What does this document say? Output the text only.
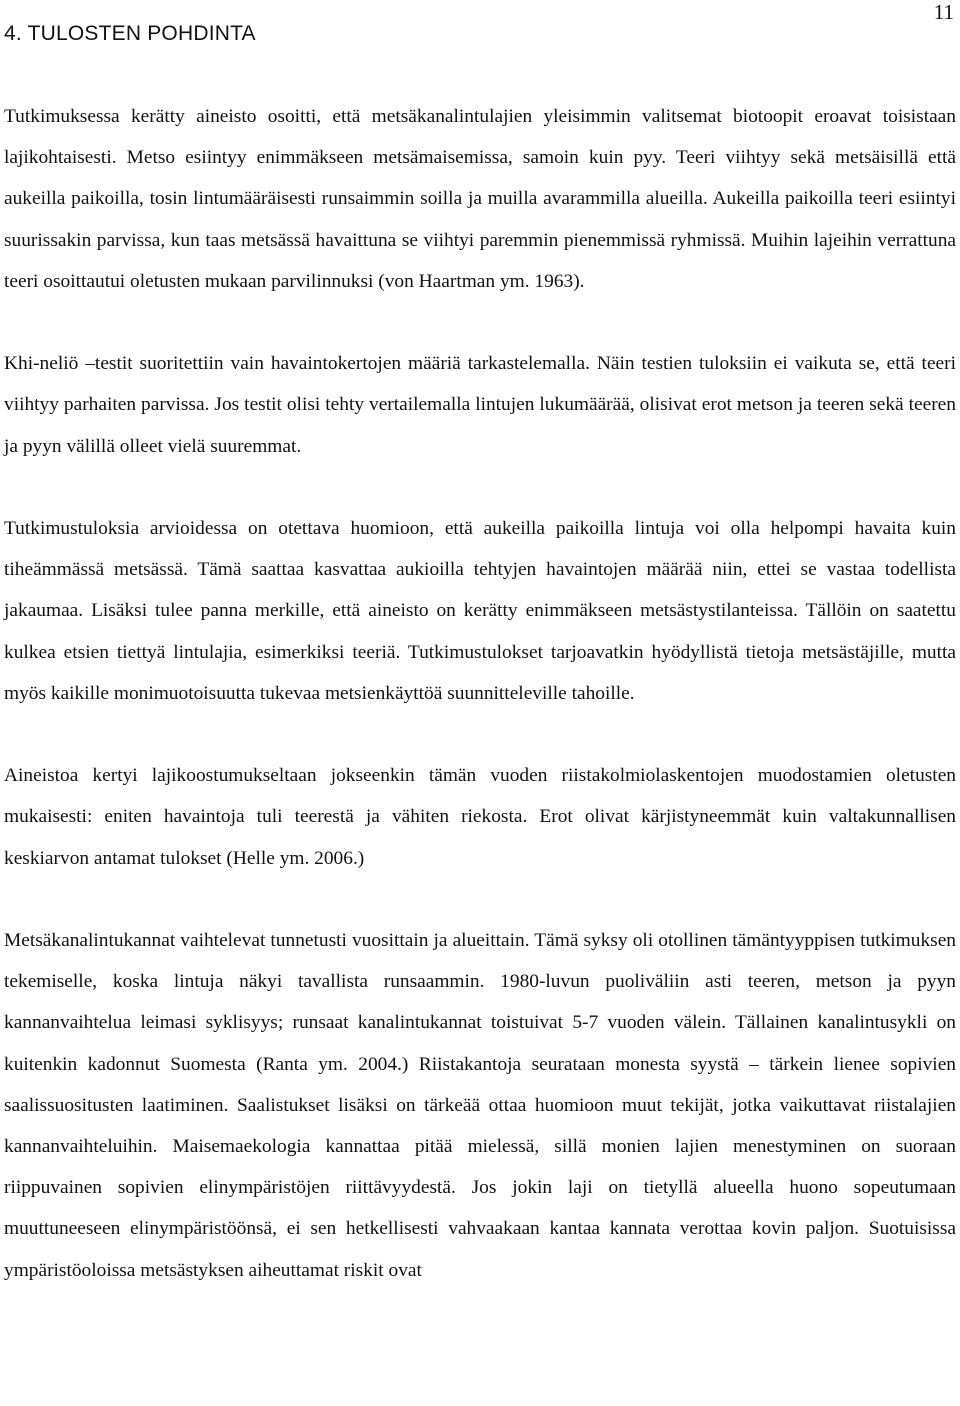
11
4. TULOSTEN POHDINTA

Tutkimuksessa kerätty aineisto osoitti, että metsäkanalintulajien yleisimmin valitsemat biotoopit eroavat toisistaan lajikohtaisesti. Metso esiintyy enimmäkseen metsämaisemissa, samoin kuin pyy. Teeri viihtyy sekä metsäisillä että aukeilla paikoilla, tosin lintumääräisesti runsaimmin soilla ja muilla avarammilla alueilla. Aukeilla paikoilla teeri esiintyi suurissakin parvissa, kun taas metsässä havaittuna se viihtyi paremmin pienemmissä ryhmissä. Muihin lajeihin verrattuna teeri osoittautui oletusten mukaan parvilinnuksi (von Haartman ym. 1963).

Khi-neliö –testit suoritettiin vain havaintokertojen määriä tarkastelemalla. Näin testien tuloksiin ei vaikuta se, että teeri viihtyy parhaiten parvissa. Jos testit olisi tehty vertailemalla lintujen lukumäärää, olisivat erot metson ja teeren sekä teeren ja pyyn välillä olleet vielä suuremmat.

Tutkimustuloksia arvioidessa on otettava huomioon, että aukeilla paikoilla lintuja voi olla helpompi havaita kuin tiheämmässä metsässä. Tämä saattaa kasvattaa aukioilla tehtyjen havaintojen määrää niin, ettei se vastaa todellista jakaumaa. Lisäksi tulee panna merkille, että aineisto on kerätty enimmäkseen metsästystilanteissa. Tällöin on saatettu kulkea etsien tiettyä lintulajia, esimerkiksi teeriä. Tutkimustulokset tarjoavatkin hyödyllistä tietoja metsästäjille, mutta myös kaikille monimuotoisuutta tukevaa metsienkäyttöä suunnitteleville tahoille.

Aineistoa kertyi lajikoostumukseltaan jokseenkin tämän vuoden riistakolmiolaskentojen muodostamien oletusten mukaisesti: eniten havaintoja tuli teerestä ja vähiten riekosta. Erot olivat kärjistyneemmät kuin valtakunnallisen keskiarvon antamat tulokset (Helle ym. 2006.)

Metsäkanalintukannat vaihtelevat tunnetusti vuosittain ja alueittain. Tämä syksy oli otollinen tämäntyyppisen tutkimuksen tekemiselle, koska lintuja näkyi tavallista runsaammin. 1980-luvun puoliväliin asti teeren, metson ja pyyn kannanvaihtelua leimasi syklisyys; runsaat kanalintukannat toistuivat 5-7 vuoden välein. Tällainen kanalintusykli on kuitenkin kadonnut Suomesta (Ranta ym. 2004.) Riistakantoja seurataan monesta syystä – tärkein lienee sopivien saalissuositusten laatiminen. Saalistukset lisäksi on tärkeää ottaa huomioon muut tekijät, jotka vaikuttavat riistalajien kannanvaihteluihin. Maisemaekologia kannattaa pitää mielessä, sillä monien lajien menestyminen on suoraan riippuvainen sopivien elinympäristöjen riittävyydestä. Jos jokin laji on tietyllä alueella huono sopeutumaan muuttuneeseen elinympäristöönsä, ei sen hetkellisesti vahvaakaan kantaa kannata verottaa kovin paljon. Suotuisissa ympäristöoloissa metsästyksen aiheuttamat riskit ovat
